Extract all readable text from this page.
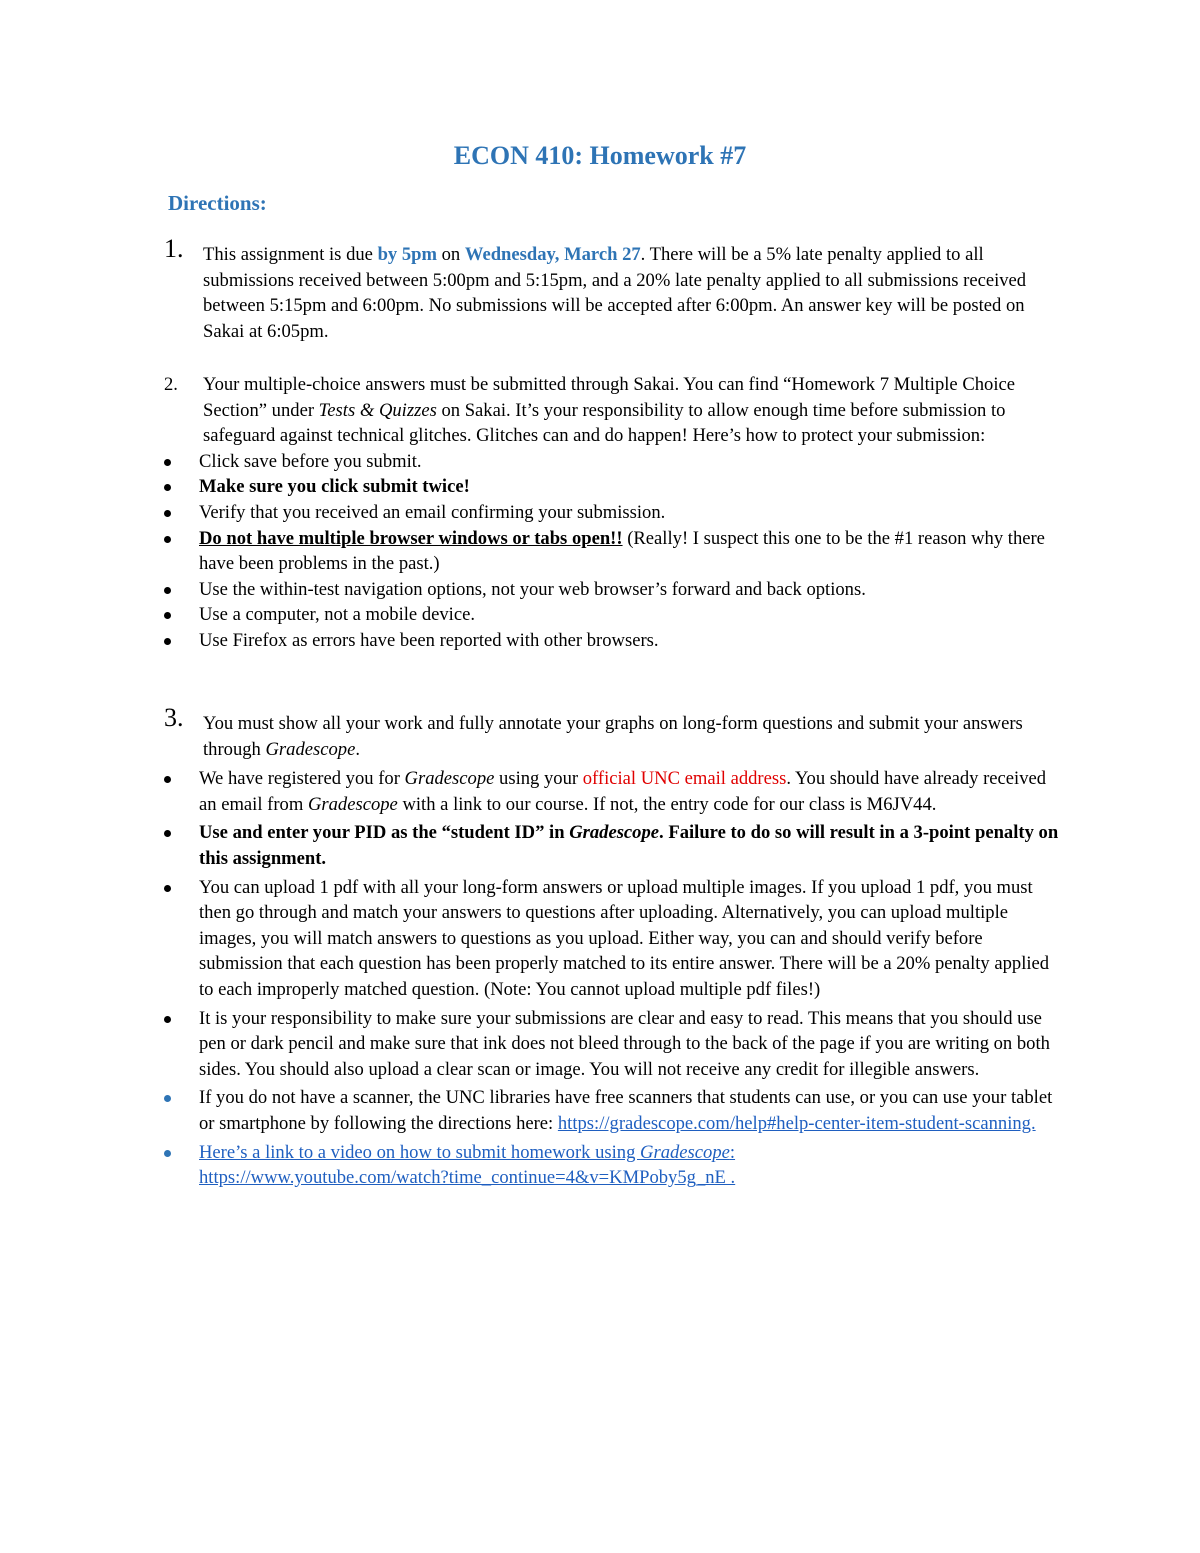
ECON 410: Homework #7
Directions:
1. This assignment is due by 5pm on Wednesday, March 27. There will be a 5% late penalty applied to all submissions received between 5:00pm and 5:15pm, and a 20% late penalty applied to all submissions received between 5:15pm and 6:00pm. No submissions will be accepted after 6:00pm. An answer key will be posted on Sakai at 6:05pm.
2. Your multiple-choice answers must be submitted through Sakai. You can find “Homework 7 Multiple Choice Section” under Tests & Quizzes on Sakai. It’s your responsibility to allow enough time before submission to safeguard against technical glitches. Glitches can and do happen! Here’s how to protect your submission:
Click save before you submit.
Make sure you click submit twice!
Verify that you received an email confirming your submission.
Do not have multiple browser windows or tabs open!! (Really! I suspect this one to be the #1 reason why there have been problems in the past.)
Use the within-test navigation options, not your web browser’s forward and back options.
Use a computer, not a mobile device.
Use Firefox as errors have been reported with other browsers.
3. You must show all your work and fully annotate your graphs on long-form questions and submit your answers through Gradescope.
We have registered you for Gradescope using your official UNC email address. You should have already received an email from Gradescope with a link to our course. If not, the entry code for our class is M6JV44.
Use and enter your PID as the “student ID” in Gradescope. Failure to do so will result in a 3-point penalty on this assignment.
You can upload 1 pdf with all your long-form answers or upload multiple images. If you upload 1 pdf, you must then go through and match your answers to questions after uploading. Alternatively, you can upload multiple images, you will match answers to questions as you upload. Either way, you can and should verify before submission that each question has been properly matched to its entire answer. There will be a 20% penalty applied to each improperly matched question. (Note: You cannot upload multiple pdf files!)
It is your responsibility to make sure your submissions are clear and easy to read. This means that you should use pen or dark pencil and make sure that ink does not bleed through to the back of the page if you are writing on both sides. You should also upload a clear scan or image. You will not receive any credit for illegible answers.
If you do not have a scanner, the UNC libraries have free scanners that students can use, or you can use your tablet or smartphone by following the directions here: https://gradescope.com/help#help-center-item-student-scanning.
Here’s a link to a video on how to submit homework using Gradescope:
https://www.youtube.com/watch?time_continue=4&v=KMPoby5g_nE .
